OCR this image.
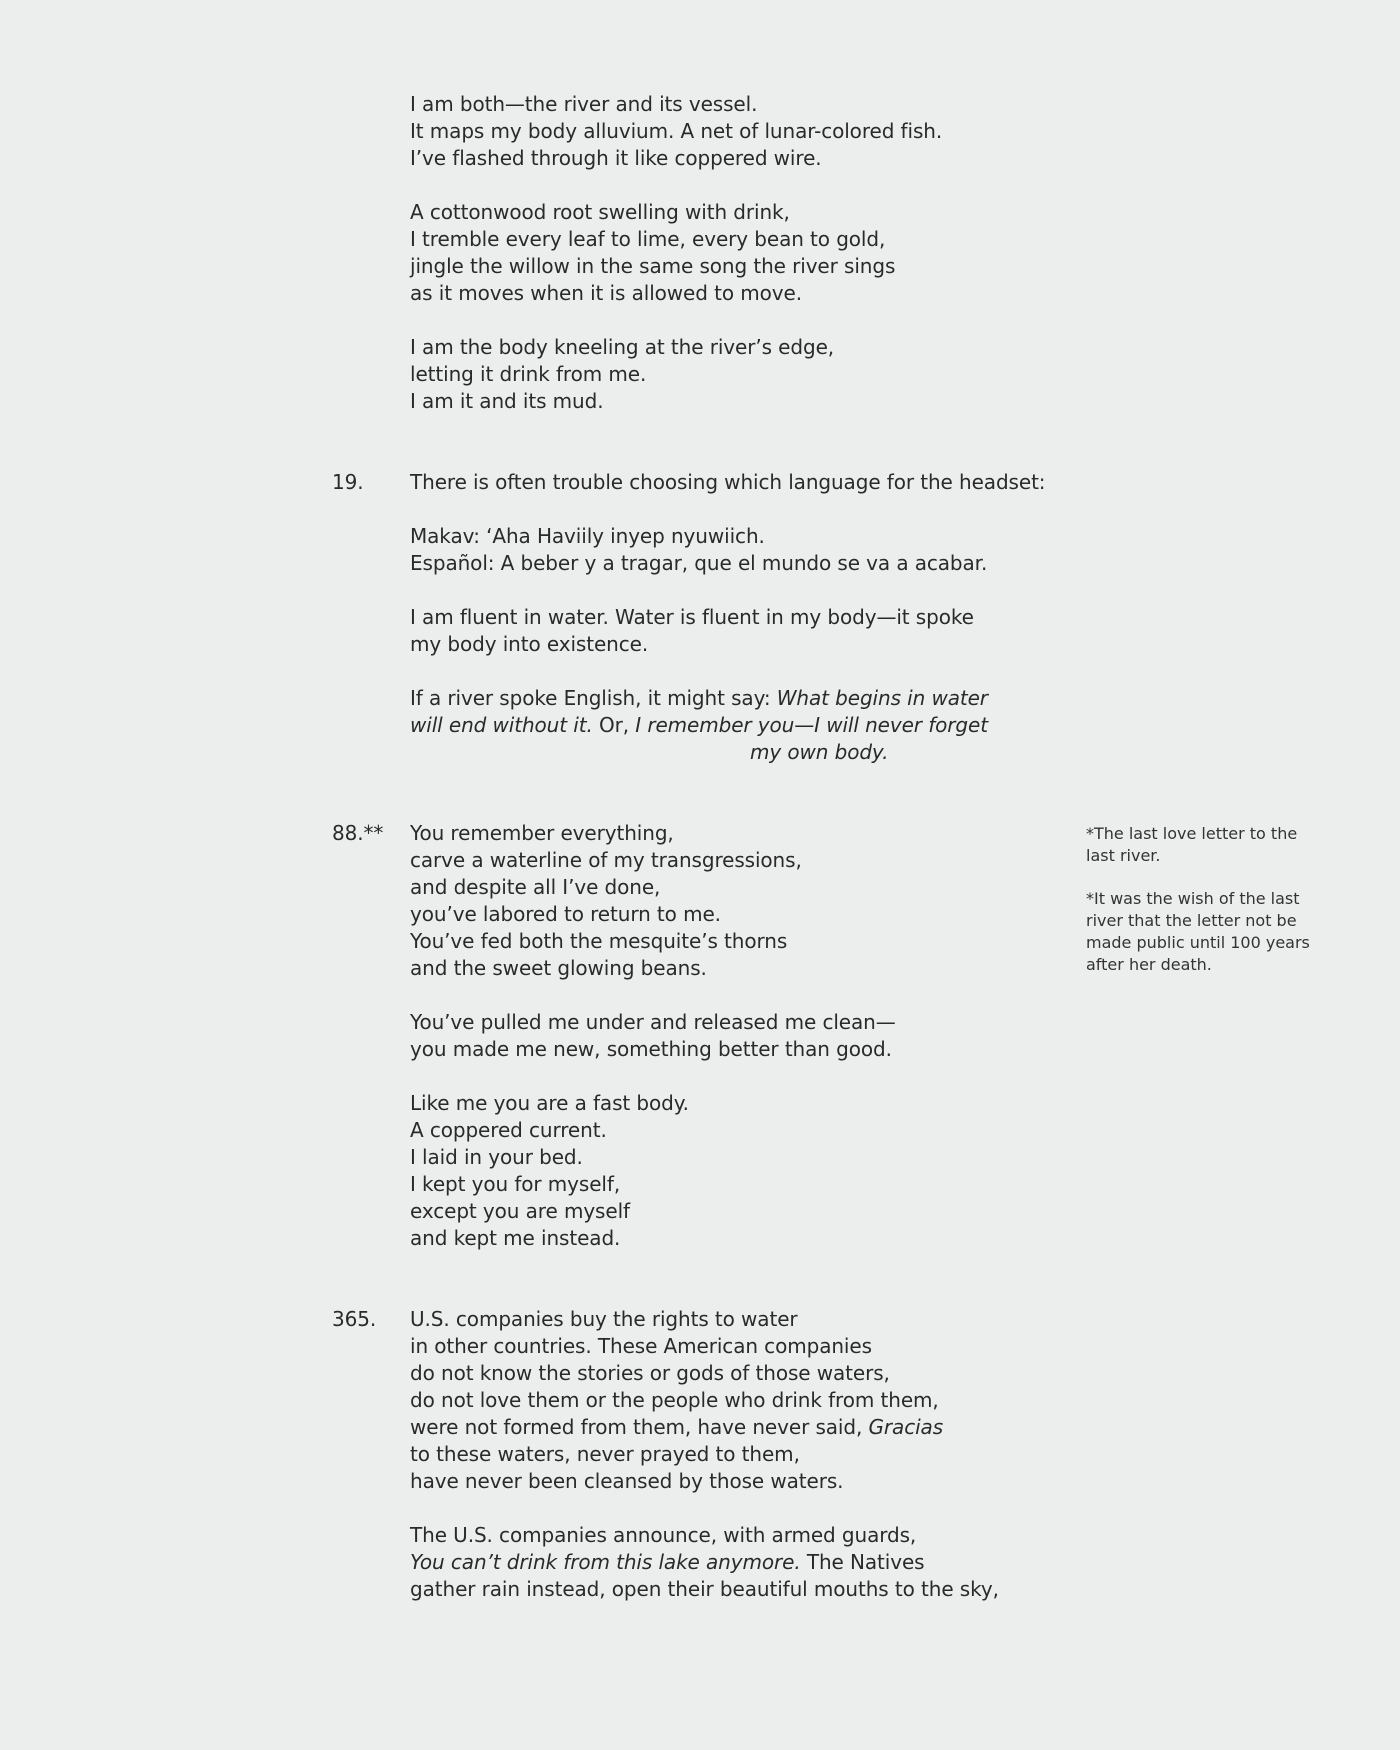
I am both—the river and its vessel.
It maps my body alluvium. A net of lunar-colored fish.
I’ve flashed through it like coppered wire.

A cottonwood root swelling with drink,
I tremble every leaf to lime, every bean to gold,
jingle the willow in the same song the river sings
as it moves when it is allowed to move.

I am the body kneeling at the river’s edge,
letting it drink from me.
I am it and its mud.

19. There is often trouble choosing which language for the headset:

Makav: ‘Aha Haviily inyep nyuwiich.
Español: A beber y a tragar, que el mundo se va a acabar.

I am fluent in water. Water is fluent in my body—it spoke
my body into existence.

If a river spoke English, it might say: What begins in water
will end without it. Or, I remember you—I will never forget
my own body.

88.** You remember everything,
carve a waterline of my transgressions,
and despite all I’ve done,
you’ve labored to return to me.
You’ve fed both the mesquite’s thorns
and the sweet glowing beans.

You’ve pulled me under and released me clean—
you made me new, something better than good.

Like me you are a fast body.
A coppered current.
I laid in your bed.
I kept you for myself,
except you are myself
and kept me instead.

*The last love letter to the last river.

*It was the wish of the last river that the letter not be made public until 100 years after her death.

365. U.S. companies buy the rights to water
in other countries. These American companies
do not know the stories or gods of those waters,
do not love them or the people who drink from them,
were not formed from them, have never said, Gracias
to these waters, never prayed to them,
have never been cleansed by those waters.

The U.S. companies announce, with armed guards,
You can’t drink from this lake anymore. The Natives
gather rain instead, open their beautiful mouths to the sky,
